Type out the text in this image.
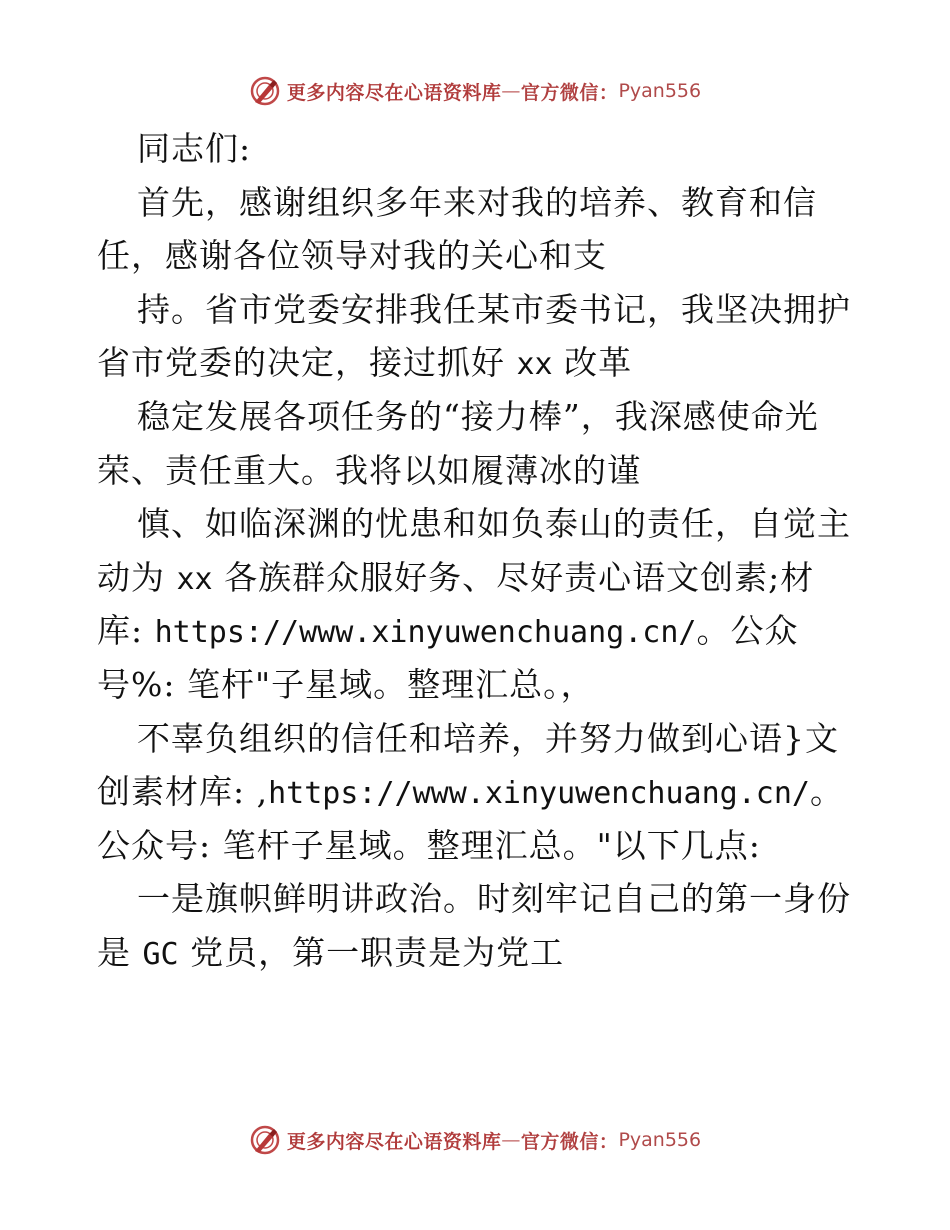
更多内容尽在心语资料库 — 官方微信： Pyan556
同志们:
首先，感谢组织多年来对我的培养、教育和信
任，感谢各位领导对我的关心和支
持。省市党委安排我任某市委书记，我坚决拥护
省市党委的决定，接过抓好 xx 改革
稳定发展各项任务的“接力棒”，我深感使命光
荣、责任重大。我将以如履薄冰的谨
慎、如临深渊的忧患和如负泰山的责任，自觉主
动为 xx 各族群众服好务、尽好责心语文创素;材
库: https://www.xinyuwenchuang.cn/。公众
号%: 笔杆"子星域。整理汇总。，
不辜负组织的信任和培养，并努力做到心语}文
创素材库: ,https://www.xinyuwenchuang.cn/。
公众号: 笔杆子星域。整理汇总。"以下几点:
一是旗帜鲜明讲政治。时刻牢记自己的第一身份
是 GC 党员，第一职责是为党工
更多内容尽在心语资料库 — 官方微信： Pyan556
